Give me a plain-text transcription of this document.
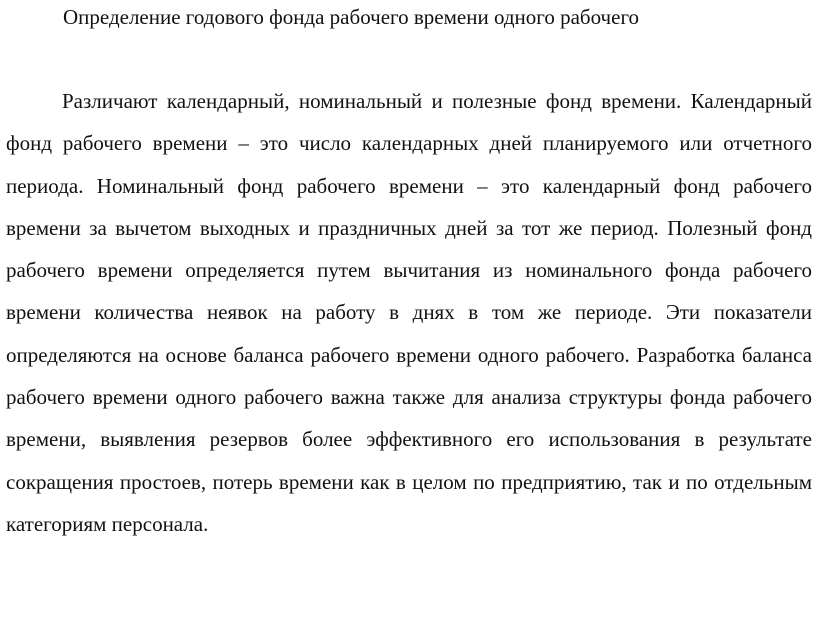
Определение годового фонда рабочего времени одного рабочего

Различают календарный, номинальный и полезные фонд времени. Календарный фонд рабочего времени – это число календарных дней планируемого или отчетного периода. Номинальный фонд рабочего времени – это календарный фонд рабочего времени за вычетом выходных и праздничных дней за тот же период. Полезный фонд рабочего времени определяется путем вычитания из номинального фонда рабочего времени количества неявок на работу в днях в том же периоде. Эти показатели определяются на основе баланса рабочего времени одного рабочего. Разработка баланса рабочего времени одного рабочего важна также для анализа структуры фонда рабочего времени, выявления резервов более эффективного его использования в результате сокращения простоев, потерь времени как в целом по предприятию, так и по отдельным категориям персонала.
